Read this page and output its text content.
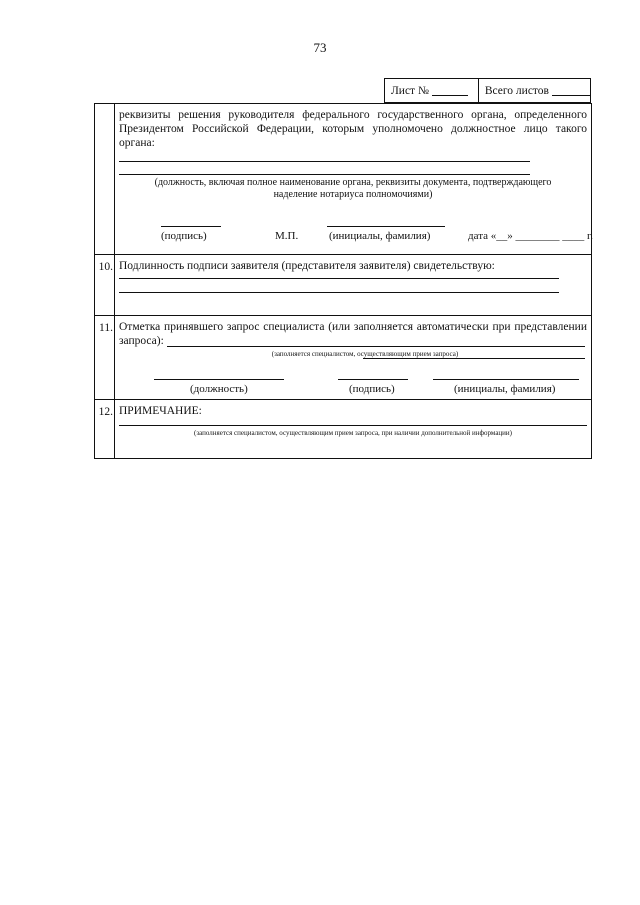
73
Лист №	Всего листов
реквизиты решения руководителя федерального государственного органа, определенного Президентом Российской Федерации, которым уполномочено должностное лицо такого органа:
(должность, включая полное наименование органа, реквизиты документа, подтверждающего наделение нотариуса полномочиями)
(подпись)	М.П.	(инициалы, фамилия)	дата «__» ________ ____ г.
10. Подлинность подписи заявителя (представителя заявителя) свидетельствую:
11. Отметка принявшего запрос специалиста (или заполняется автоматически при представлении запроса):
(заполняется специалистом, осуществляющим прием запроса)
(должность)	(подпись)	(инициалы, фамилия)
12. ПРИМЕЧАНИЕ:
(заполняется специалистом, осуществляющим прием запроса, при наличии дополнительной информации)
